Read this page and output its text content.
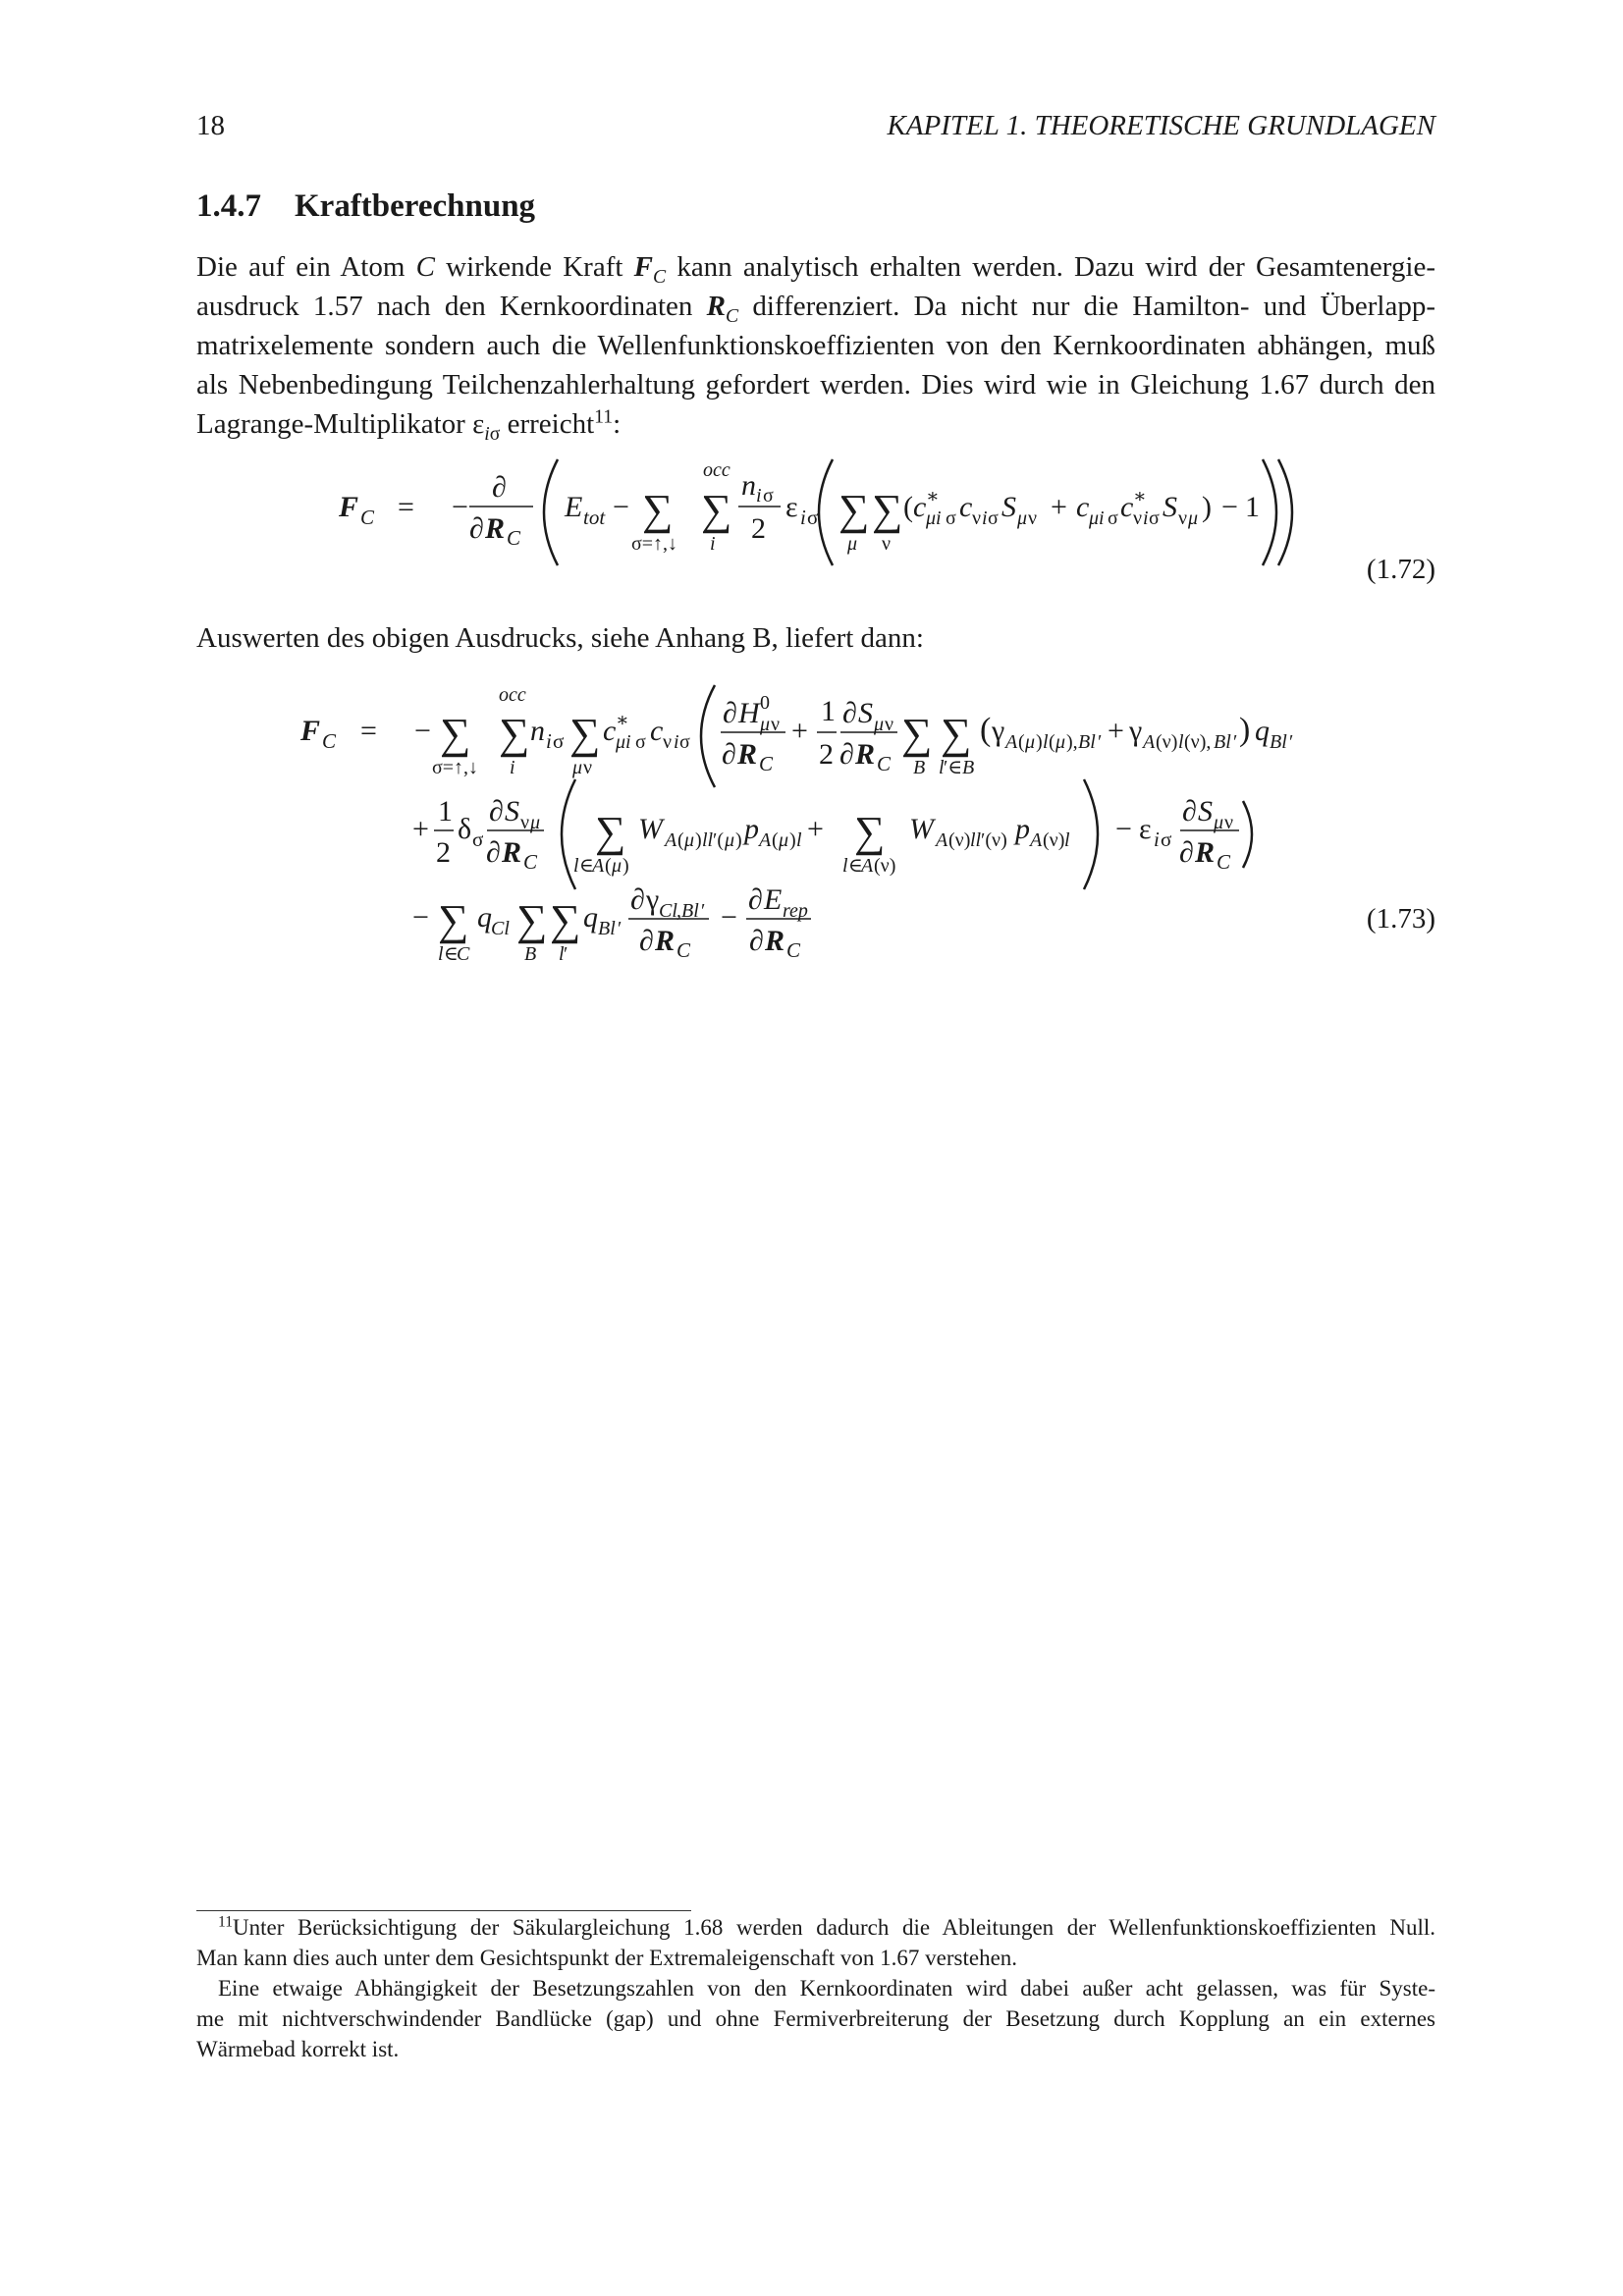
18	KAPITEL 1. THEORETISCHE GRUNDLAGEN
1.4.7 Kraftberechnung
Die auf ein Atom C wirkende Kraft $F_C$ kann analytisch erhalten werden. Dazu wird der Gesamtenergie-
ausdruck 1.57 nach den Kernkoordinaten $R_C$ differenziert. Da nicht nur die Hamilton- und Überlapp-
matrixelemente sondern auch die Wellenfunktionskoeffizienten von den Kernkoordinaten abhängen, muß
als Nebenbedingung Teilchenzahlerhaltung gefordert werden. Dies wird wie in Gleichung 1.67 durch den
Lagrange-Multiplikator $\varepsilon_{i\sigma}$ erreicht$^{11}$:
F C = −
∂
∂ R C
E tot − ∑
σ=↑,↓
∑
occ
i
n i σ
2
ε i σ ∑
μ
∑
ν
( c ∗
μi σ c ν i σ S μ ν + c μi σ c ∗
ν i σ S ν μ ) − 1
(1.72)
Auswerten des obigen Ausdrucks, siehe Anhang B, liefert dann:
F C = − ∑
σ=↑,↓
∑
occ
i
n i σ ∑
μ ν
c ∗
μi σ c ν i σ
∂ H 0
μ ν
∂ R C
+
1
2
∂ S μ ν
∂ R C
∑
B
∑
l ′∈ B
( γ A ( μ ) l ( μ ), Bl ′ + γ A (ν) l (ν), Bl ′ ) q Bl ′
+
1
2
δ σ
∂ S ν μ
∂ R C
∑
l ∈
A ( μ )
W A ( μ ) ll ′( μ ) p A ( μ ) l + ∑
l ∈
A (ν)
W A (ν) ll ′(ν) p A (ν) l − ε i σ
∂ S μ ν
∂ R C
− ∑
l ∈
C
q Cl ∑
B
∑
l ′
q Bl ′
∂ γ Cl , Bl ′
∂ R C
−
∂ E rep
∂ R C
(1.73)
$^{11}$Unter Berücksichtigung der Säkulargleichung 1.68 werden dadurch die Ableitungen der Wellenfunktionskoeffizienten Null.
Man kann dies auch unter dem Gesichtspunkt der Extremaleigenschaft von 1.67 verstehen.
Eine etwaige Abhängigkeit der Besetzungszahlen von den Kernkoordinaten wird dabei außer acht gelassen, was für Syste-
me mit nichtverschwindender Bandlücke (gap) und ohne Fermiverbreiterung der Besetzung durch Kopplung an ein externes
Wärmebad korrekt ist.
